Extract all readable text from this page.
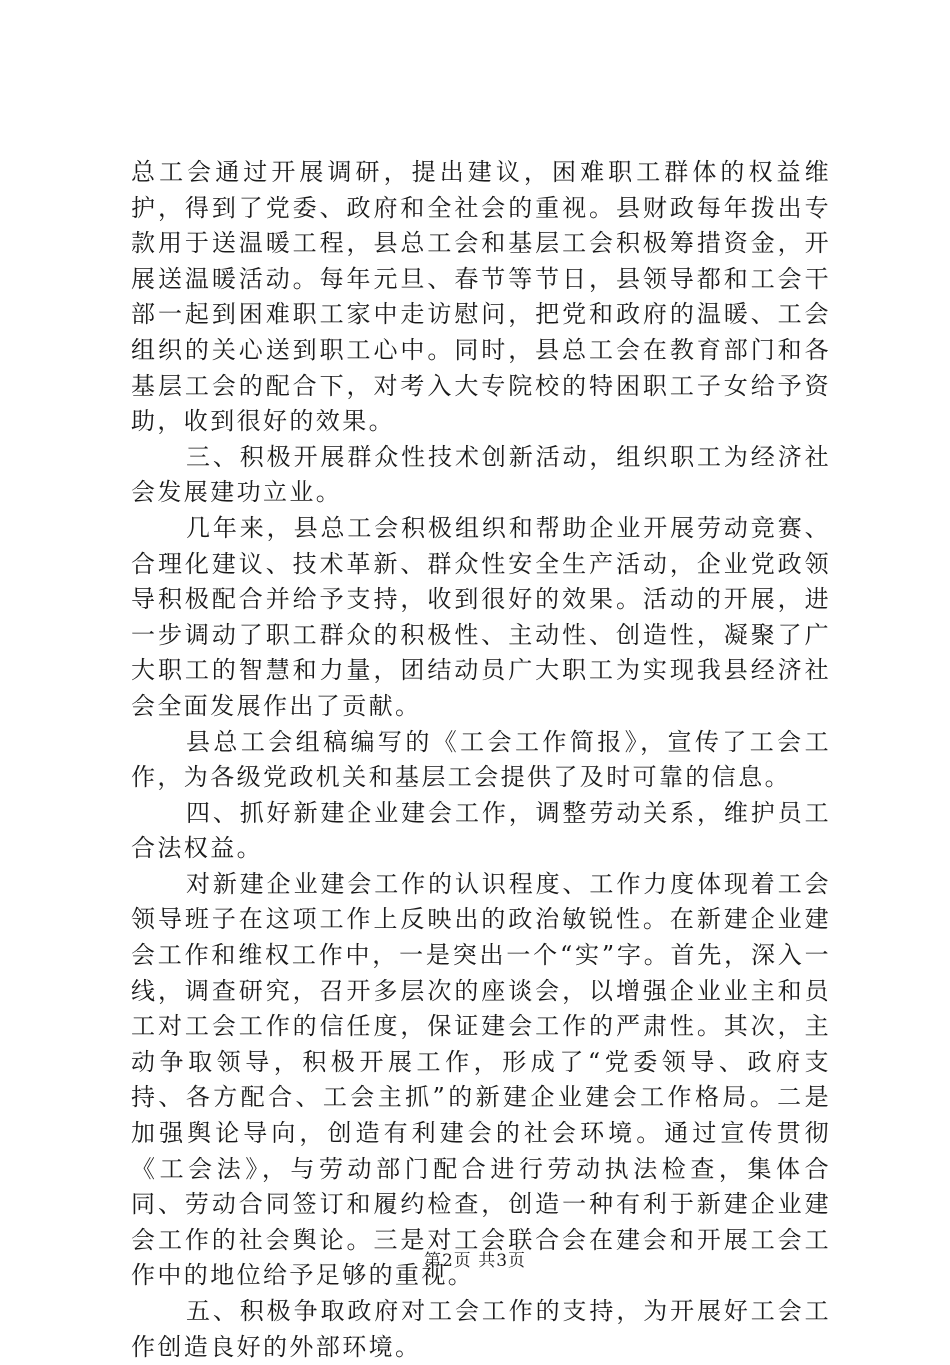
总工会通过开展调研，提出建议，困难职工群体的权益维护，得到了党委、政府和全社会的重视。县财政每年拨出专款用于送温暖工程，县总工会和基层工会积极筹措资金，开展送温暖活动。每年元旦、春节等节日，县领导都和工会干部一起到困难职工家中走访慰问，把党和政府的温暖、工会组织的关心送到职工心中。同时，县总工会在教育部门和各基层工会的配合下，对考入大专院校的特困职工子女给予资助，收到很好的效果。

三、积极开展群众性技术创新活动，组织职工为经济社会发展建功立业。

几年来，县总工会积极组织和帮助企业开展劳动竞赛、合理化建议、技术革新、群众性安全生产活动，企业党政领导积极配合并给予支持，收到很好的效果。活动的开展，进一步调动了职工群众的积极性、主动性、创造性，凝聚了广大职工的智慧和力量，团结动员广大职工为实现我县经济社会全面发展作出了贡献。

县总工会组稿编写的《工会工作简报》，宣传了工会工作，为各级党政机关和基层工会提供了及时可靠的信息。

四、抓好新建企业建会工作，调整劳动关系，维护员工合法权益。

对新建企业建会工作的认识程度、工作力度体现着工会领导班子在这项工作上反映出的政治敏锐性。在新建企业建会工作和维权工作中，一是突出一个“实”字。首先，深入一线，调查研究，召开多层次的座谈会，以增强企业业主和员工对工会工作的信任度，保证建会工作的严肃性。其次，主动争取领导，积极开展工作，形成了“党委领导、政府支持、各方配合、工会主抓”的新建企业建会工作格局。二是加强舆论导向，创造有利建会的社会环境。通过宣传贯彻《工会法》，与劳动部门配合进行劳动执法检查，集体合同、劳动合同签订和履约检查，创造一种有利于新建企业建会工作的社会舆论。三是对工会联合会在建会和开展工会工作中的地位给予足够的重视。

五、积极争取政府对工会工作的支持，为开展好工会工作创造良好的外部环境。

第2页 共3页
